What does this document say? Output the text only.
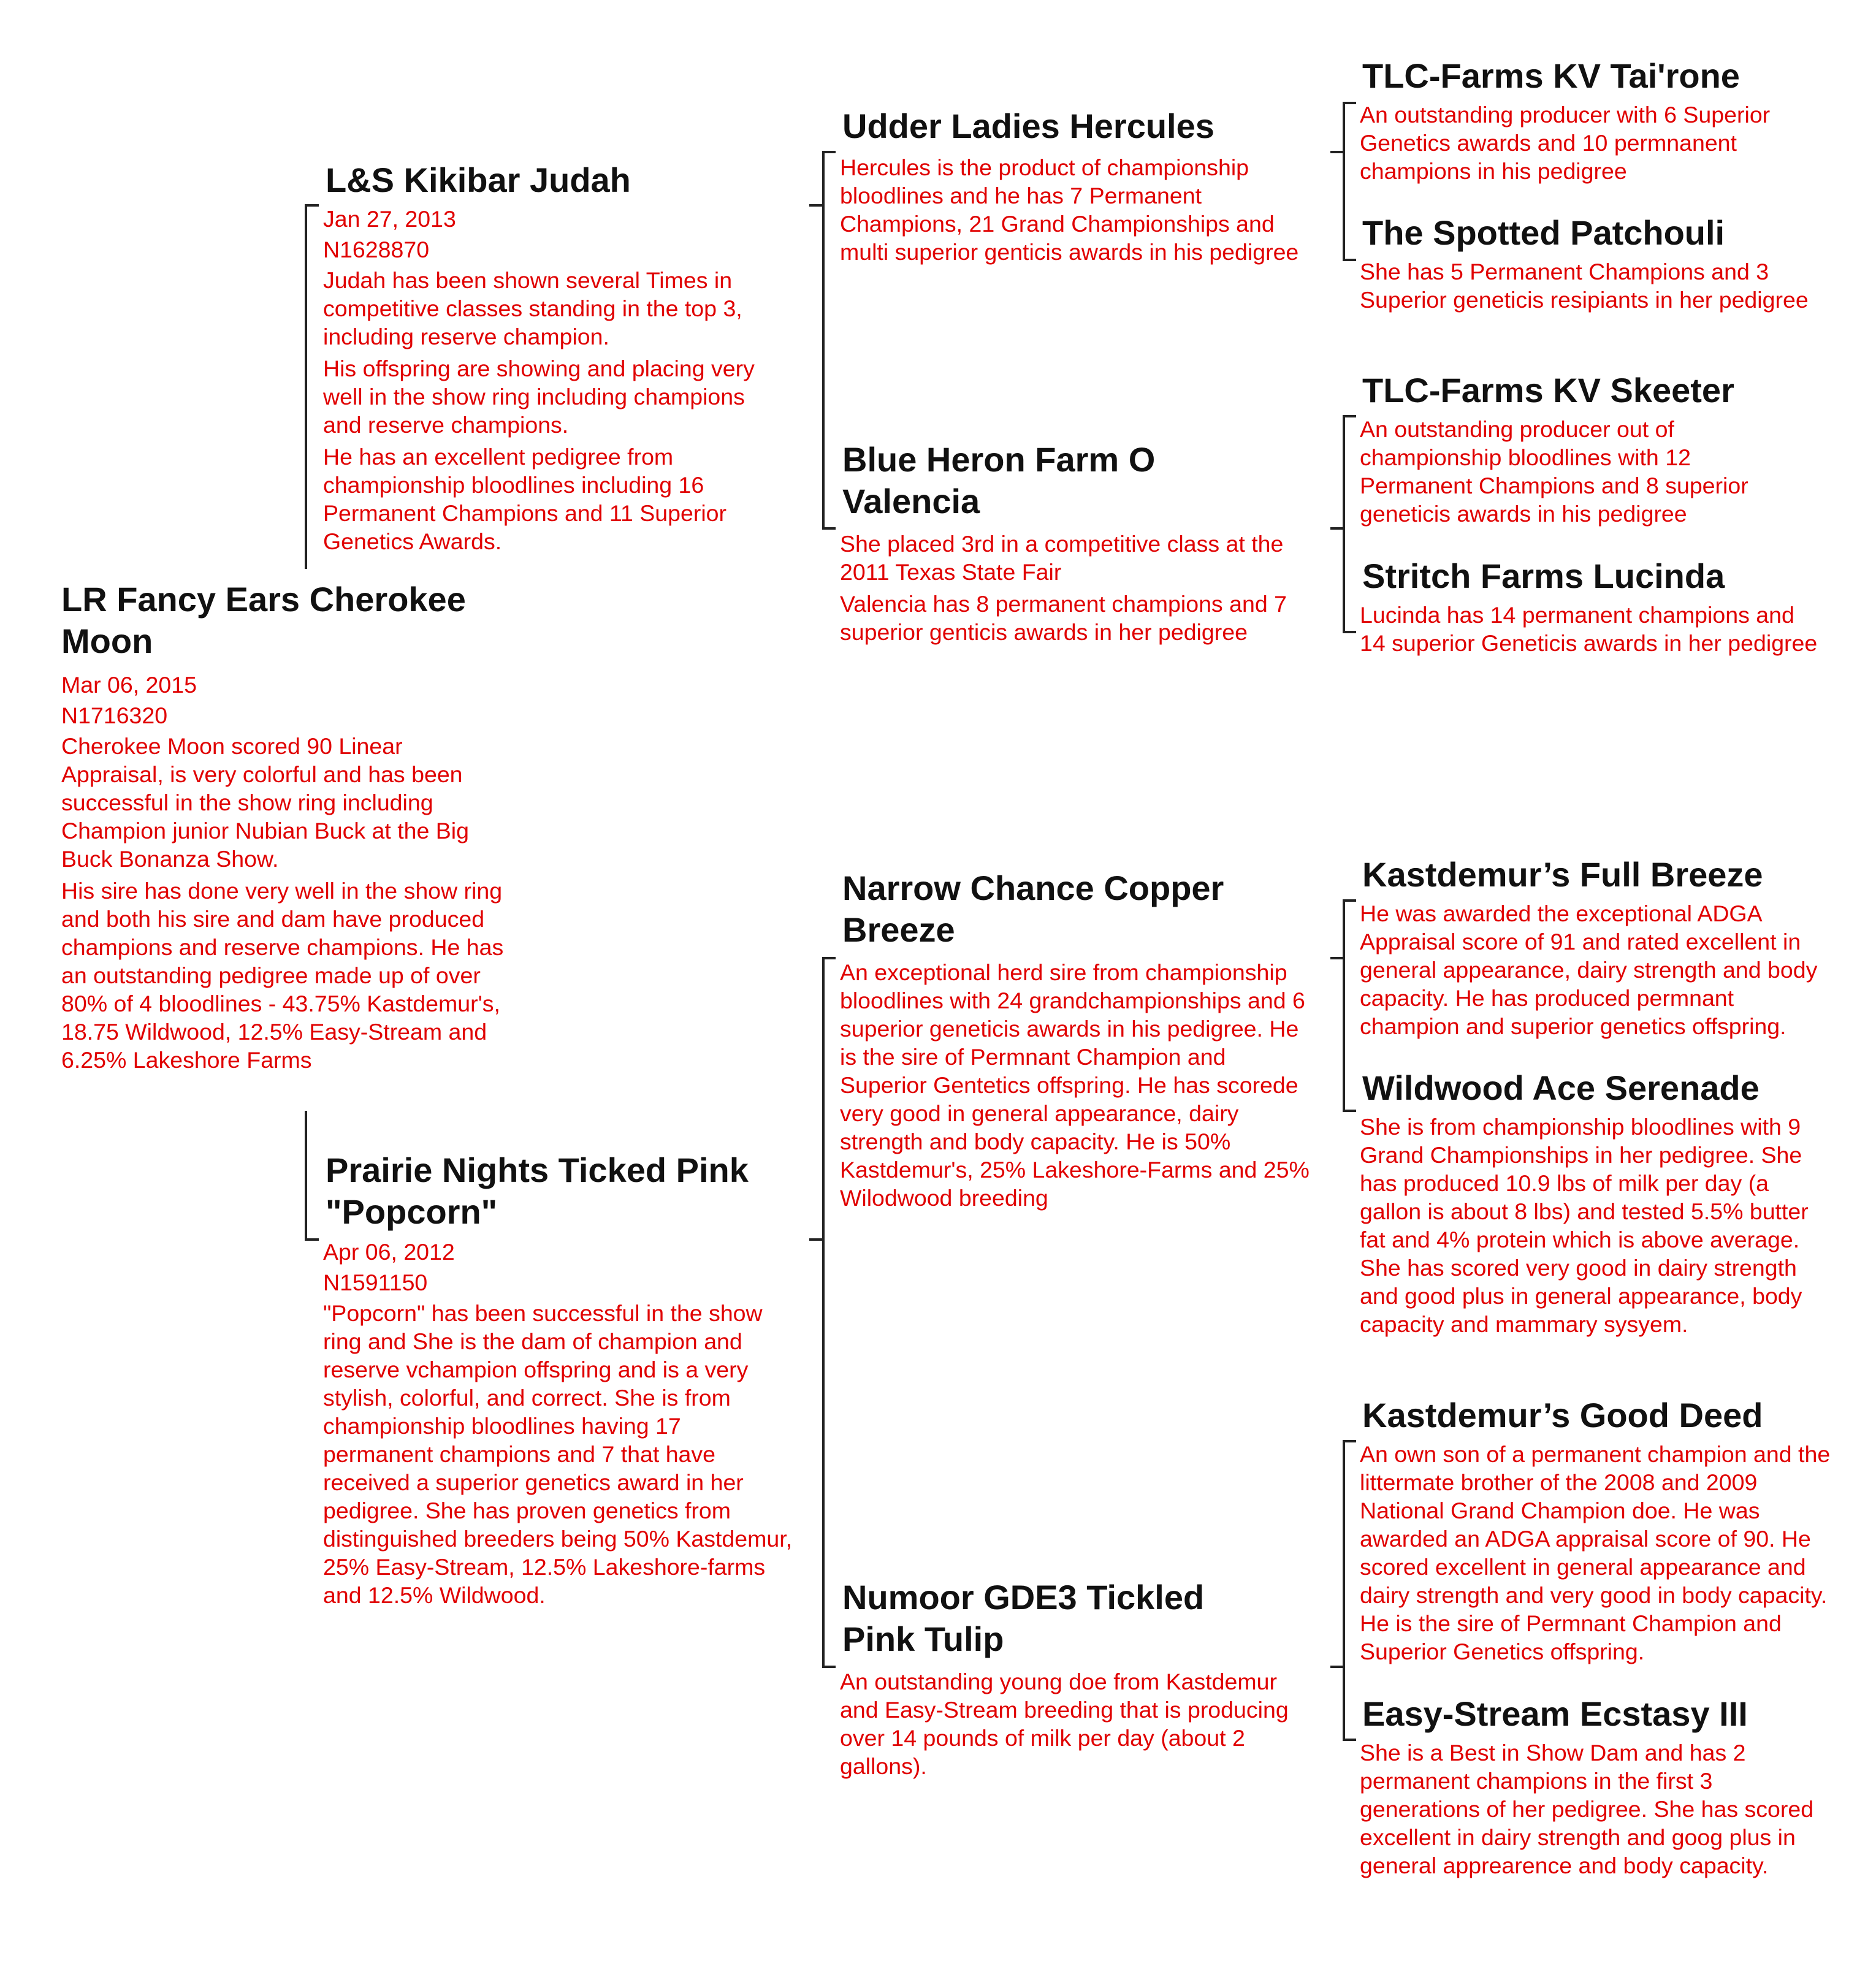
LR Fancy Ears Cherokee Moon
Mar 06, 2015
N1716320
Cherokee Moon scored 90 Linear Appraisal, is very colorful and has been successful in the show ring including Champion junior Nubian Buck at the Big Buck Bonanza Show.
His sire has done very well in the show ring and both his sire and dam have produced champions and reserve champions. He has an outstanding pedigree made up of over 80% of 4 bloodlines - 43.75% Kastdemur's, 18.75 Wildwood, 12.5% Easy-Stream and 6.25% Lakeshore Farms
L&S Kikibar Judah
Jan 27, 2013
N1628870
Judah has been shown several Times in competitive classes standing in the top 3, including reserve champion.
His offspring are showing and placing very well in the show ring including champions and reserve champions.
He has an excellent pedigree from championship bloodlines including 16 Permanent Champions and 11 Superior Genetics Awards.
Prairie Nights Ticked Pink "Popcorn"
Apr 06, 2012
N1591150
"Popcorn" has been successful in the show ring and She is the dam of champion and reserve vchampion offspring and is a very stylish, colorful, and correct. She is from championship bloodlines having 17 permanent champions and 7 that have received a superior genetics award in her pedigree. She has proven genetics from distinguished breeders being 50% Kastdemur, 25% Easy-Stream, 12.5% Lakeshore-farms and 12.5% Wildwood.
Udder Ladies Hercules
Hercules is the product of championship bloodlines and he has 7 Permanent Champions, 21 Grand Championships and multi superior genticis awards in his pedigree
Blue Heron Farm O Valencia
She placed 3rd in a competitive class at the 2011 Texas State Fair
Valencia has 8 permanent champions and 7 superior genticis awards in her pedigree
Narrow Chance Copper Breeze
An exceptional herd sire from championship bloodlines with 24 grandchampionships and 6 superior geneticis awards in his pedigree. He is the sire of Permnant Champion and Superior Gentetics offspring. He has scorede very good in general appearance, dairy strength and body capacity. He is 50% Kastdemur's, 25% Lakeshore-Farms and 25% Wilodwood breeding
Numoor GDE3 Tickled Pink Tulip
An outstanding young doe from Kastdemur and Easy-Stream breeding that is producing over 14 pounds of milk per day (about 2 gallons).
TLC-Farms KV Tai'rone
An outstanding producer with 6 Superior Genetics awards and 10 permnanent champions in his pedigree
The Spotted Patchouli
She has 5 Permanent Champions and 3 Superior geneticis resipiants in her pedigree
TLC-Farms KV Skeeter
An outstanding producer out of championship bloodlines with 12 Permanent Champions and 8 superior geneticis awards in his pedigree
Stritch Farms Lucinda
Lucinda has 14 permanent champions and 14 superior Geneticis awards in her pedigree
Kastdemur’s Full Breeze
He was awarded the exceptional ADGA Appraisal score of 91 and rated excellent in general appearance, dairy strength and body capacity. He has produced permnant champion and superior genetics offspring.
Wildwood Ace Serenade
She is from championship bloodlines with 9 Grand Championships in her pedigree. She has produced 10.9 lbs of milk per day (a gallon is about 8 lbs) and tested 5.5% butter fat and 4% protein which is above average. She has scored very good in dairy strength and good plus in general appearance, body capacity and mammary sysyem.
Kastdemur’s Good Deed
An own son of a permanent champion and the littermate brother of the 2008 and 2009 National Grand Champion doe. He was awarded an ADGA appraisal score of 90. He scored excellent in general appearance and dairy strength and very good in body capacity. He is the sire of Permnant Champion and Superior Genetics offspring.
Easy-Stream Ecstasy III
She is a Best in Show Dam and has 2 permanent champions in the first 3 generations of her pedigree. She has scored excellent in dairy strength and goog plus in general apprearence and body capacity.
